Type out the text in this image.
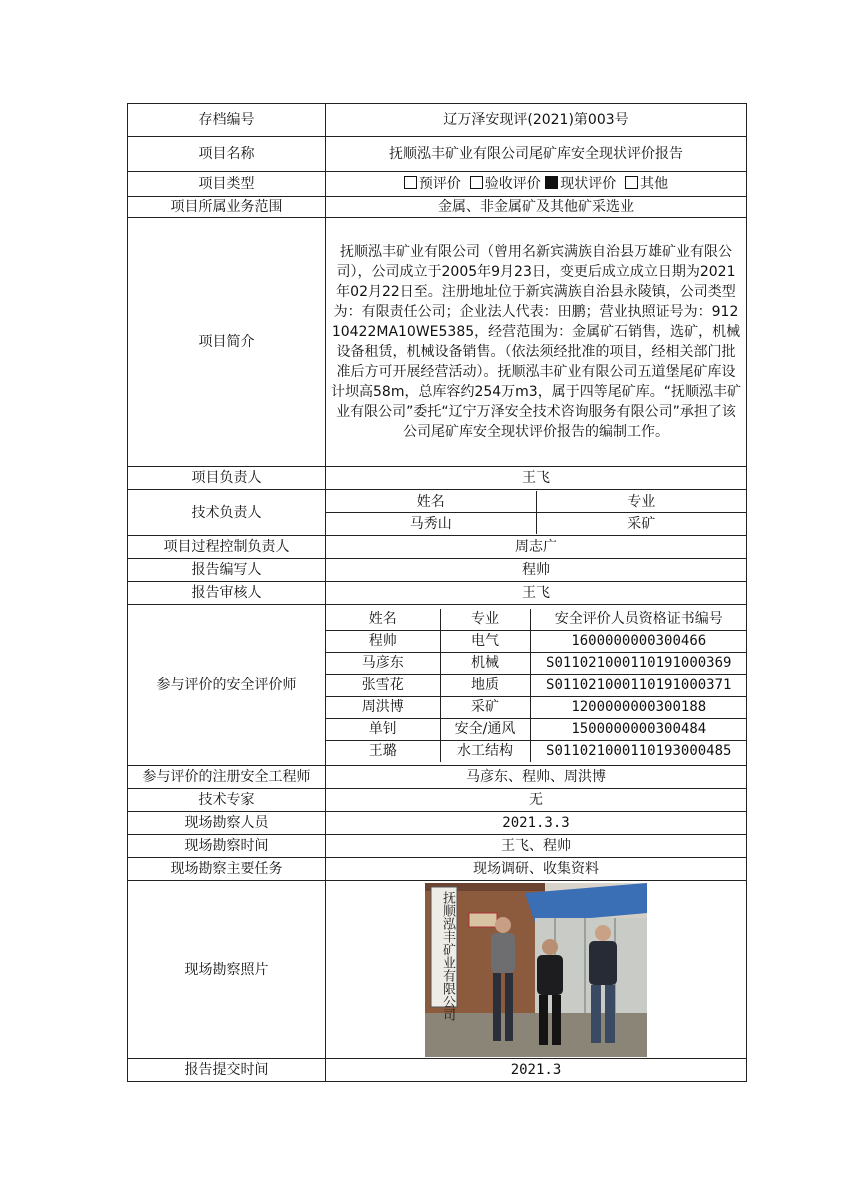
存档编号	辽万泽安现评(2021)第003号
项目名称	抚顺泓丰矿业有限公司尾矿库安全现状评价报告
项目类型	预评价 验收评价 现状评价 其他
项目所属业务范围	金属、非金属矿及其他矿采选业
项目简介	抚顺泓丰矿业有限公司（曾用名新宾满族自治县万雄矿业有限公司），公司成立于2005年9月23日，变更后成立成立日期为2021年02月22日至。注册地址位于新宾满族自治县永陵镇，公司类型为：有限责任公司；企业法人代表：田鹏；营业执照证号为：91210422MA10WE5385，经营范围为：金属矿石销售，选矿，机械设备租赁，机械设备销售。（依法须经批准的项目，经相关部门批准后方可开展经营活动）。抚顺泓丰矿业有限公司五道堡尾矿库设计坝高58m，总库容约254万m3，属于四等尾矿库。“抚顺泓丰矿业有限公司”委托“辽宁万泽安全技术咨询服务有限公司”承担了该公司尾矿库安全现状评价报告的编制工作。
项目负责人	王飞
技术负责人	
姓名	专业
马秀山	采矿

项目过程控制负责人	周志广
报告编写人	程帅
报告审核人	王飞
参与评价的安全评价师	
姓名	专业	安全评价人员资格证书编号
程帅	电气	1600000000300466
马彦东	机械	S011021000110191000369
张雪花	地质	S011021000110191000371
周洪博	采矿	1200000000300188
单钊	安全/通风	1500000000300484
王璐	水工结构	S011021000110193000485

参与评价的注册安全工程师	马彦东、程帅、周洪博
技术专家	无
现场勘察人员	2021.3.3
现场勘察时间	王飞、程帅
现场勘察主要任务	现场调研、收集资料
现场勘察照片	抚顺泓丰矿业有限公司

报告提交时间	2021.3
